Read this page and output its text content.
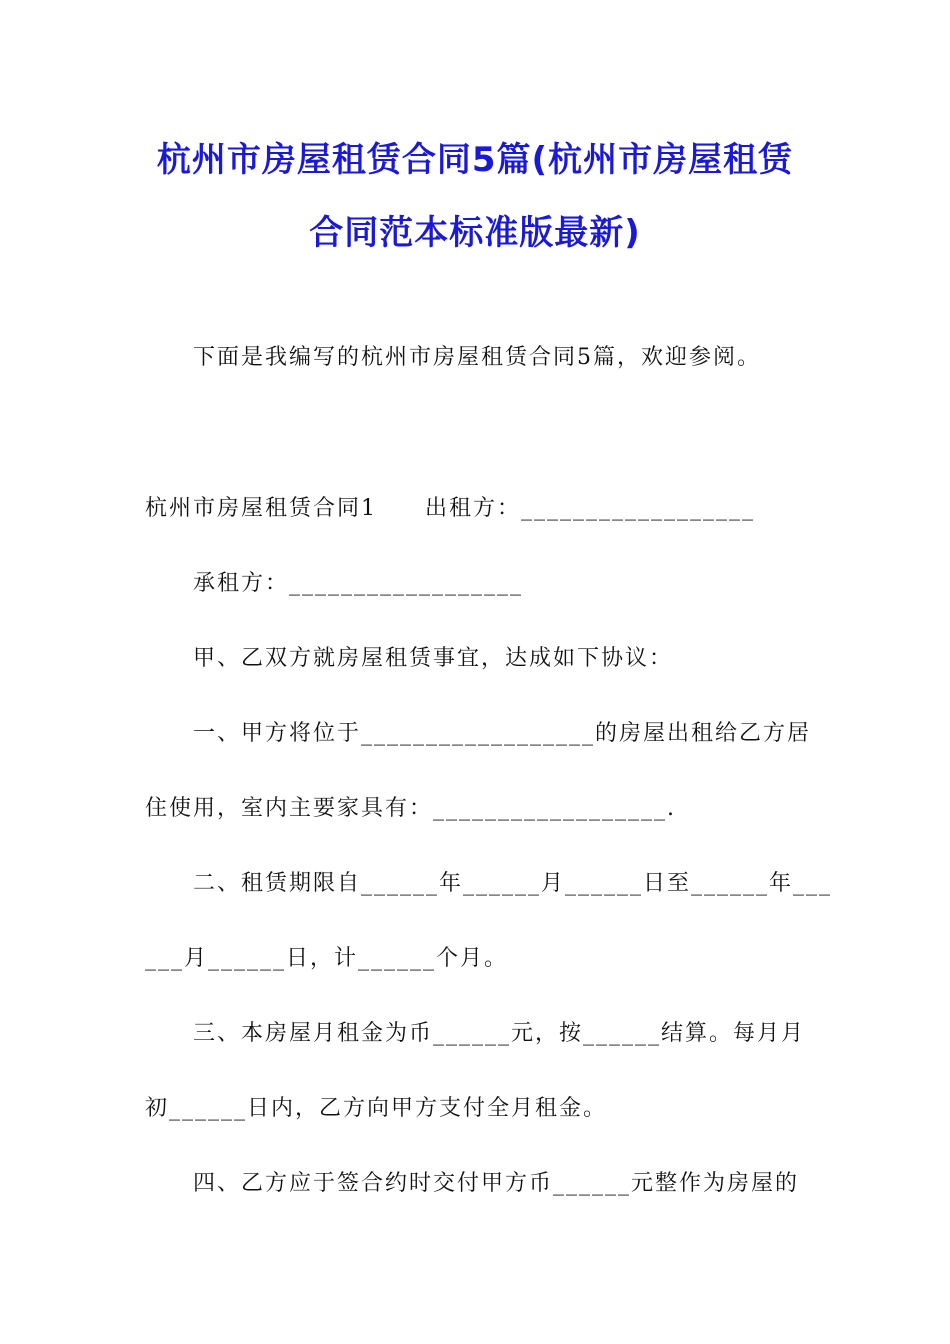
杭州市房屋租赁合同5篇(杭州市房屋租赁
合同范本标准版最新)
下面是我编写的杭州市房屋租赁合同5篇，欢迎参阅。
杭州市房屋租赁合同1　　出租方：__________________
承租方：__________________
甲、乙双方就房屋租赁事宜，达成如下协议：
一、甲方将位于__________________的房屋出租给乙方居
住使用，室内主要家具有：__________________.
二、租赁期限自______年______月______日至______年___
___月______日，计______个月。
三、本房屋月租金为币______元，按______结算。每月月
初______日内，乙方向甲方支付全月租金。
四、乙方应于签合约时交付甲方币______元整作为房屋的
